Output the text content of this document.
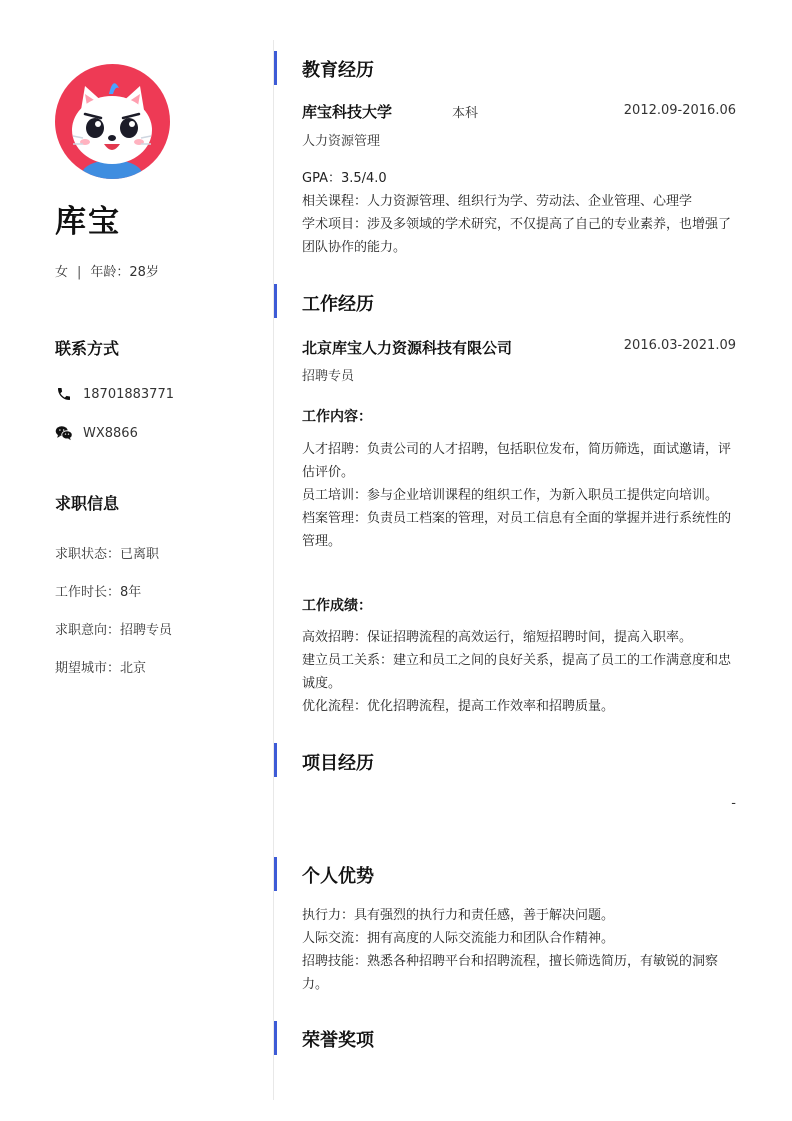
库宝
女 | 年龄：28岁
联系方式
18701883771
WX8866
求职信息
求职状态：已离职
工作时长：8年
求职意向：招聘专员
期望城市：北京
教育经历
库宝科技大学	本科	2012.09-2016.06
人力资源管理
GPA：3.5/4.0
相关课程：人力资源管理、组织行为学、劳动法、企业管理、心理学
学术项目：涉及多领域的学术研究，不仅提高了自己的专业素养，也增强了团队协作的能力。
工作经历
北京库宝人力资源科技有限公司	2016.03-2021.09
招聘专员
工作内容：
人才招聘：负责公司的人才招聘，包括职位发布，简历筛选，面试邀请，评估评价。
员工培训：参与企业培训课程的组织工作，为新入职员工提供定向培训。
档案管理：负责员工档案的管理，对员工信息有全面的掌握并进行系统性的管理。
工作成绩：
高效招聘：保证招聘流程的高效运行，缩短招聘时间，提高入职率。
建立员工关系：建立和员工之间的良好关系，提高了员工的工作满意度和忠诚度。
优化流程：优化招聘流程，提高工作效率和招聘质量。
项目经历
-
个人优势
执行力：具有强烈的执行力和责任感，善于解决问题。
人际交流：拥有高度的人际交流能力和团队合作精神。
招聘技能：熟悉各种招聘平台和招聘流程，擅长筛选简历，有敏锐的洞察力。
荣誉奖项
